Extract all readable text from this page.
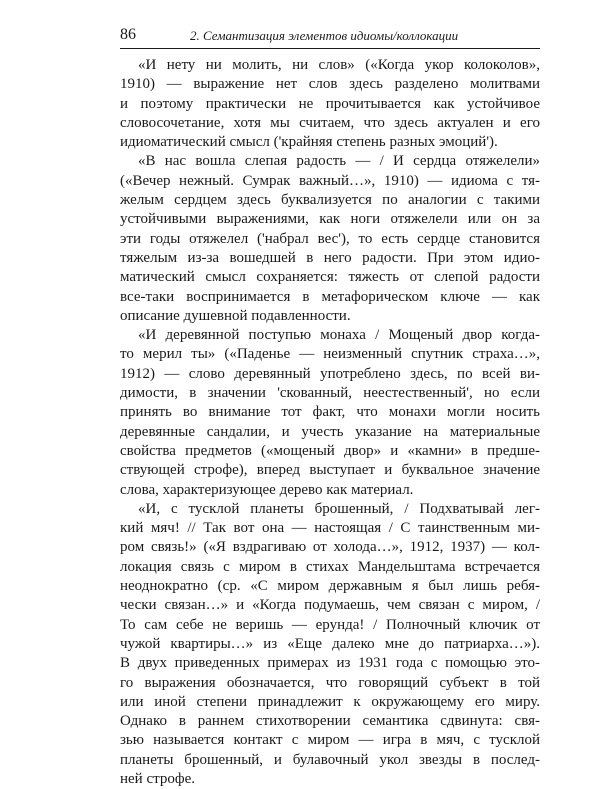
86	2. Семантизация элементов идиомы/коллокации
«И нету ни молить, ни слов» («Когда укор колоколов»,
1910) — выражение нет слов здесь разделено молитвами
и поэтому практически не прочитывается как устойчивое
словосочетание, хотя мы считаем, что здесь актуален и его
идиоматический смысл ('крайняя степень разных эмоций').
«В нас вошла слепая радость — / И сердца отяжелели»
(«Вечер нежный. Сумрак важный…», 1910) — идиома с тя-
желым сердцем здесь буквализуется по аналогии с такими
устойчивыми выражениями, как ноги отяжелели или он за
эти годы отяжелел ('набрал вес'), то есть сердце становится
тяжелым из-за вошедшей в него радости. При этом идио-
матический смысл сохраняется: тяжесть от слепой радости
все-таки воспринимается в метафорическом ключе — как
описание душевной подавленности.
«И деревянной поступью монаха / Мощеный двор когда-
то мерил ты» («Паденье — неизменный спутник страха…»,
1912) — слово деревянный употреблено здесь, по всей ви-
димости, в значении 'скованный, неестественный', но если
принять во внимание тот факт, что монахи могли носить
деревянные сандалии, и учесть указание на материальные
свойства предметов («мощеный двор» и «камни» в предше-
ствующей строфе), вперед выступает и буквальное значение
слова, характеризующее дерево как материал.
«И, с тусклой планеты брошенный, / Подхватывай лег-
кий мяч! // Так вот она — настоящая / С таинственным ми-
ром связь!» («Я вздрагиваю от холода…», 1912, 1937) — кол-
локация связь с миром в стихах Мандельштама встречается
неоднократно (ср. «С миром державным я был лишь ребя-
чески связан…» и «Когда подумаешь, чем связан с миром, /
То сам себе не веришь — ерунда! / Полночный ключик от
чужой квартиры…» из «Еще далеко мне до патриарха…»).
В двух приведенных примерах из 1931 года с помощью это-
го выражения обозначается, что говорящий субъект в той
или иной степени принадлежит к окружающему его миру.
Однако в раннем стихотворении семантика сдвинута: свя-
зью называется контакт с миром — игра в мяч, с тусклой
планеты брошенный, и булавочный укол звезды в послед-
ней строфе.
